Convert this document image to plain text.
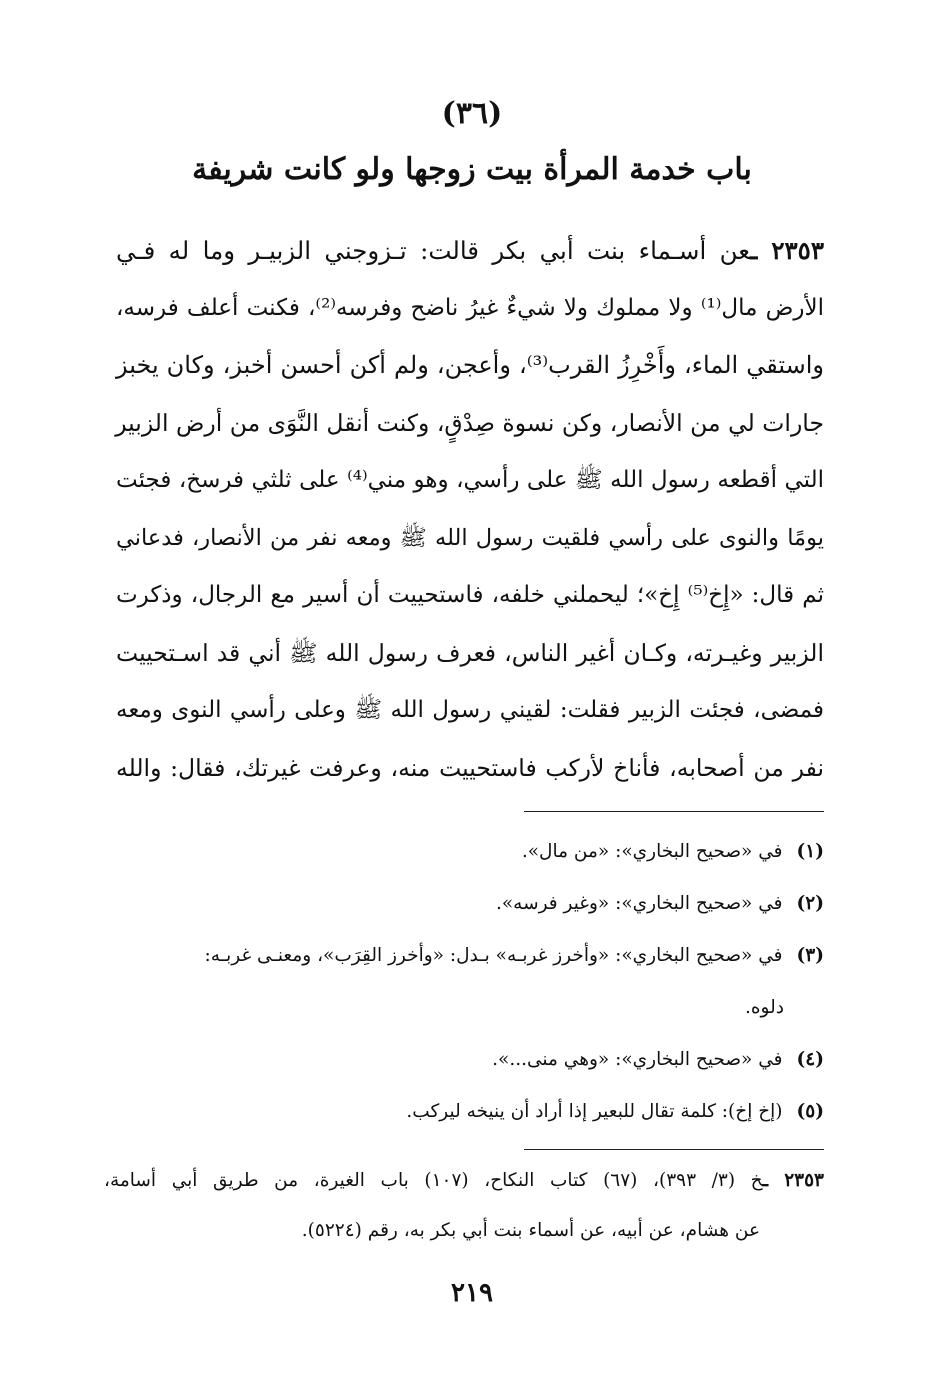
(٣٦)
باب خدمة المرأة بيت زوجها ولو كانت شريفة
٢٣٥٣ ـعن أسـماء بنت أبي بكر قالت: تـزوجني الزبيـر وما له فـي
الأرض مال⁽¹⁾ ولا مملوك ولا شيءٌ غيرُ ناضح وفرسه⁽²⁾، فكنت أعلف فرسه،
واستقي الماء، وأَخْرِزُ القرب⁽³⁾، وأعجن، ولم أكن أحسن أخبز، وكان يخبز
جارات لي من الأنصار، وكن نسوة صِدْقٍ، وكنت أنقل النَّوَى من أرض الزبير
التي أقطعه رسول الله ﷺ على رأسي، وهو مني⁽⁴⁾ على ثلثي فرسخ، فجئت
يومًا والنوى على رأسي فلقيت رسول الله ﷺ ومعه نفر من الأنصار، فدعاني
ثم قال: «إِخ⁽⁵⁾ إِخ»؛ ليحملني خلفه، فاستحييت أن أسير مع الرجال، وذكرت
الزبير وغيـرته، وكـان أغير الناس، فعرف رسول الله ﷺ أني قد اسـتحييت
فمضى، فجئت الزبير فقلت: لقيني رسول الله ﷺ وعلى رأسي النوى ومعه
نفر من أصحابه، فأناخ لأركب فاستحييت منه، وعرفت غيرتك، فقال: والله
(١)في «صحيح البخاري»: «من مال».
(٢)في «صحيح البخاري»: «وغير فرسه».
(٣)في «صحيح البخاري»: «وأخرز غربـه» بـدل: «وأخرز القِرَب»، ومعنـى غربـه:
دلوه.
(٤)في «صحيح البخاري»: «وهي منى...».
(٥)(إخ إخ): كلمة تقال للبعير إذا أراد أن ينيخه ليركب.
٢٣٥٣ ـخ (٣/ ٣٩٣)، (٦٧) كتاب النكاح، (١٠٧) باب الغيرة، من طريق أبي أسامة،
عن هشام، عن أبيه، عن أسماء بنت أبي بكر به، رقم (٥٢٢٤).
٢١٩
